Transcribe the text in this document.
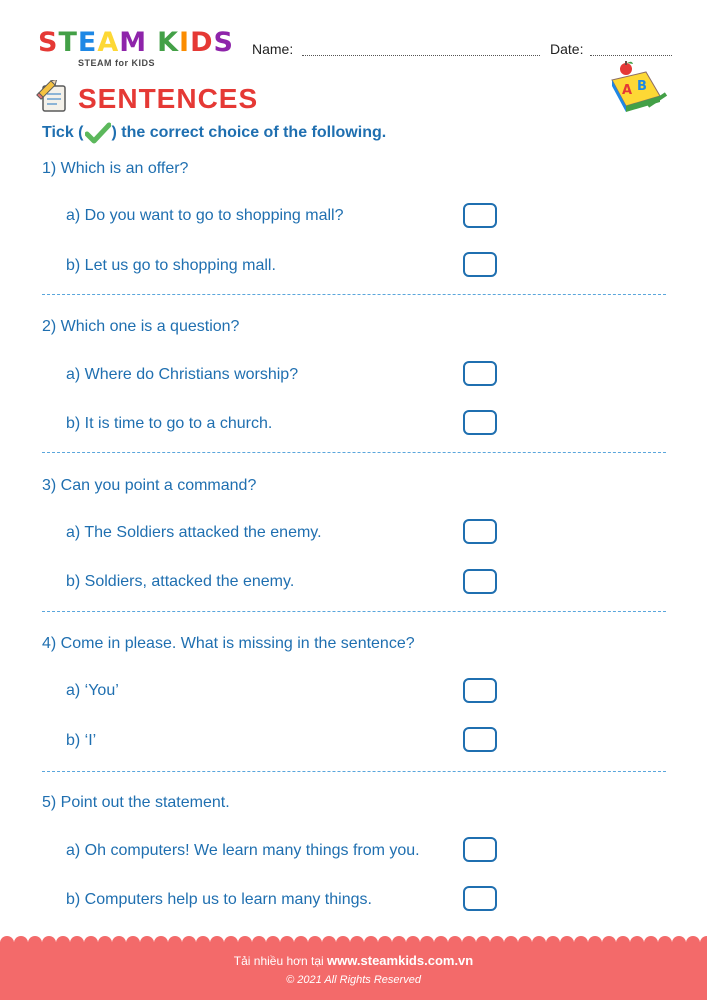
STEAM KIDS
STEAM for KIDS
Name:	Date:
SENTENCES	A B
Tick ( ) the correct choice of the following.
1) Which is an offer?
a) Do you want to go to shopping mall?
b) Let us go to shopping mall.
2) Which one is a question?
a) Where do Christians worship?
b) It is time to go to a church.
3) Can you point a command?
a) The Soldiers attacked the enemy.
b) Soldiers, attacked the enemy.
4) Come in please. What is missing in the sentence?
a) ‘You’
b) ‘I’
5) Point out the statement.
a) Oh computers! We learn many things from you.
b) Computers help us to learn many things.
Tải nhiều hơn tại www.steamkids.com.vn
© 2021 All Rights Reserved
